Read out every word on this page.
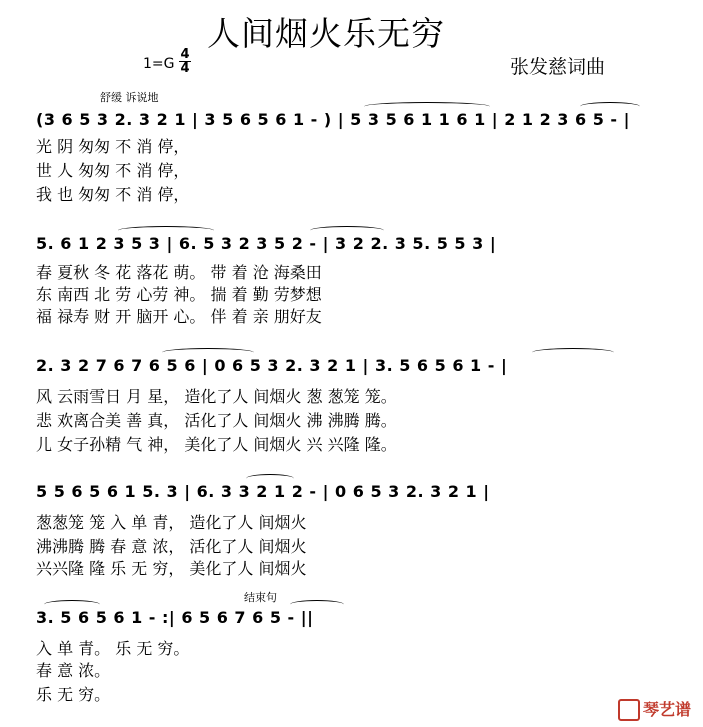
人间烟火乐无穷
1=G
4
4	张发慈词曲
舒缓 诉说地
(3 6 5 3 2. 3 2 1 | 3 5 6 5 6 1 - ) | 5 3 5 6 1 1 6 1 | 2 1 2 3 6 5 - |
光 阴 匆匆 不 消 停，
世 人 匆匆 不 消 停，
我 也 匆匆 不 消 停，
5. 6 1 2 3 5 3 | 6. 5 3 2 3 5 2 - | 3 2 2. 3 5. 5 5 3 |
春 夏秋 冬 花 落花 萌。 带 着 沧 海桑田
东 南西 北 劳 心劳 神。 揣 着 勤 劳梦想
福 禄寿 财 开 脑开 心。 伴 着 亲 朋好友
2. 3 2 7 6 7 6 5 6 | 0 6 5 3 2. 3 2 1 | 3. 5 6 5 6 1 - |
风 云雨雪日 月 星， 造化了人 间烟火 葱 葱笼 笼。
悲 欢离合美 善 真， 活化了人 间烟火 沸 沸腾 腾。
儿 女子孙精 气 神， 美化了人 间烟火 兴 兴隆 隆。
5 5 6 5 6 1 5. 3 | 6. 3 3 2 1 2 - | 0 6 5 3 2. 3 2 1 |
葱葱笼 笼 入 单 青， 造化了人 间烟火
沸沸腾 腾 春 意 浓， 活化了人 间烟火
兴兴隆 隆 乐 无 穷， 美化了人 间烟火
结束句
3. 5 6 5 6 1 - :| 6 5 6 7 6 5 - ||
入 单 青。 乐 无 穷。
春 意 浓。
乐 无 穷。
琴艺谱
